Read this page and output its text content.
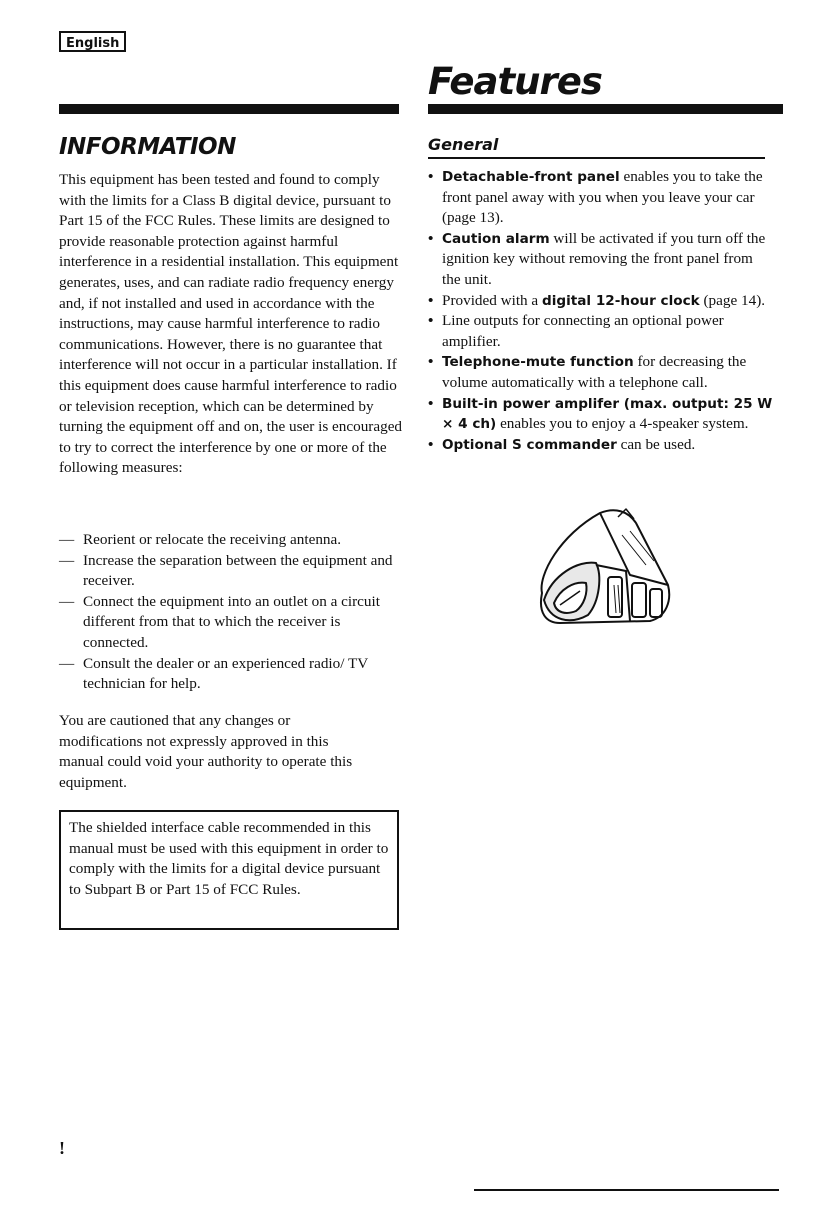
English
Features
INFORMATION	General

This equipment has been tested and found to comply with the limits for a Class B digital device, pursuant to Part 15 of the FCC Rules. These limits are designed to provide reasonable protection against harmful interference in a residential installation. This equipment generates, uses, and can radiate radio frequency energy and, if not installed and used in accordance with the instructions, may cause harmful interference to radio communications. However, there is no guarantee that interference will not occur in a particular installation. If this equipment does cause harmful interference to radio or television reception, which can be determined by turning the equipment off and on, the user is encouraged to try to correct the interference by one or more of the following measures:

— Reorient or relocate the receiving antenna.
— Increase the separation between the equipment and receiver.
— Connect the equipment into an outlet on a circuit different from that to which the receiver is connected.
— Consult the dealer or an experienced radio/ TV technician for help.

You are cautioned that any changes or modifications not expressly approved in this manual could void your authority to operate this equipment.

The shielded interface cable recommended in this manual must be used with this equipment in order to comply with the limits for a digital device pursuant to Subpart B or Part 15 of FCC Rules.

• Detachable-front panel enables you to take the front panel away with you when you leave your car (page 13).
• Caution alarm will be activated if you turn off the ignition key without removing the front panel from the unit.
• Provided with a digital 12-hour clock (page 14).
• Line outputs for connecting an optional power amplifier.
• Telephone-mute function for decreasing the volume automatically with a telephone call.
• Built-in power amplifer (max. output: 25 W × 4 ch) enables you to enjoy a 4-speaker system.
• Optional S commander can be used.
!
